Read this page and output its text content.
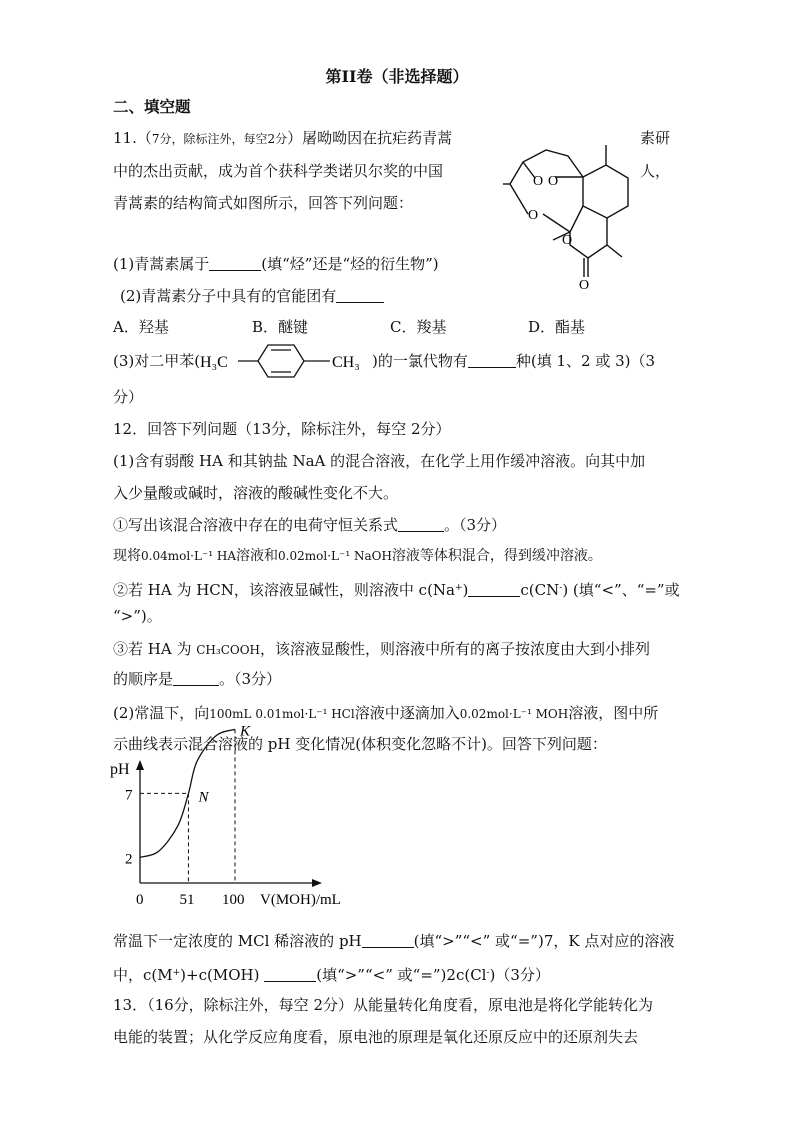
第II卷（非选择题）
二、填空题
11.（7分，除标注外，每空2分）屠呦呦因在抗疟药青蒿	素研
中的杰出贡献，成为首个获科学类诺贝尔奖的中国	人，
青蒿素的结构简式如图所示，回答下列问题：
O O
O
O
O
(1)青蒿素属于	(填“烃”还是“烃的衍生物”)
(2)青蒿素分子中具有的官能团有
A．羟基	B．醚键	C．羧基	D．酯基
(3)对二甲苯( H₃C	CH₃ )的一氯代物有	种(填 1、2 或 3)（3
分）
12．回答下列问题（13分，除标注外，每空 2分）
(1)含有弱酸 HA 和其钠盐 NaA 的混合溶液，在化学上用作缓冲溶液。向其中加
入少量酸或碱时，溶液的酸碱性变化不大。
①写出该混合溶液中存在的电荷守恒关系式	。（3分）
现将0.04mol·L⁻¹ HA溶液和0.02mol·L⁻¹ NaOH溶液等体积混合，得到缓冲溶液。
②若 HA 为 HCN，该溶液显碱性，则溶液中 c(Na+)	c(CN-) (填“<”、“=”或
“>”)。
③若 HA 为 CH₃COOH，该溶液显酸性，则溶液中所有的离子按浓度由大到小排列
的顺序是	。（3分）
(2)常温下，向100mL 0.01mol·L⁻¹ HCl溶液中逐滴加入0.02mol·L⁻¹ MOH溶液，图中所
示曲线表示混合溶液的 pH 变化情况(体积变化忽略不计)。回答下列问题：
pH
2
7
0 51 100 V(MOH)/mL
N
K
常温下一定浓度的 MCl 稀溶液的 pH	(填“>”“<” 或“=”)7，K 点对应的溶液
中，c(M+)+c(MOH)	(填“>”“<” 或“=”)2c(Cl-)（3分）
13．（16分，除标注外，每空 2分）从能量转化角度看，原电池是将化学能转化为
电能的装置；从化学反应角度看，原电池的原理是氧化还原反应中的还原剂失去
